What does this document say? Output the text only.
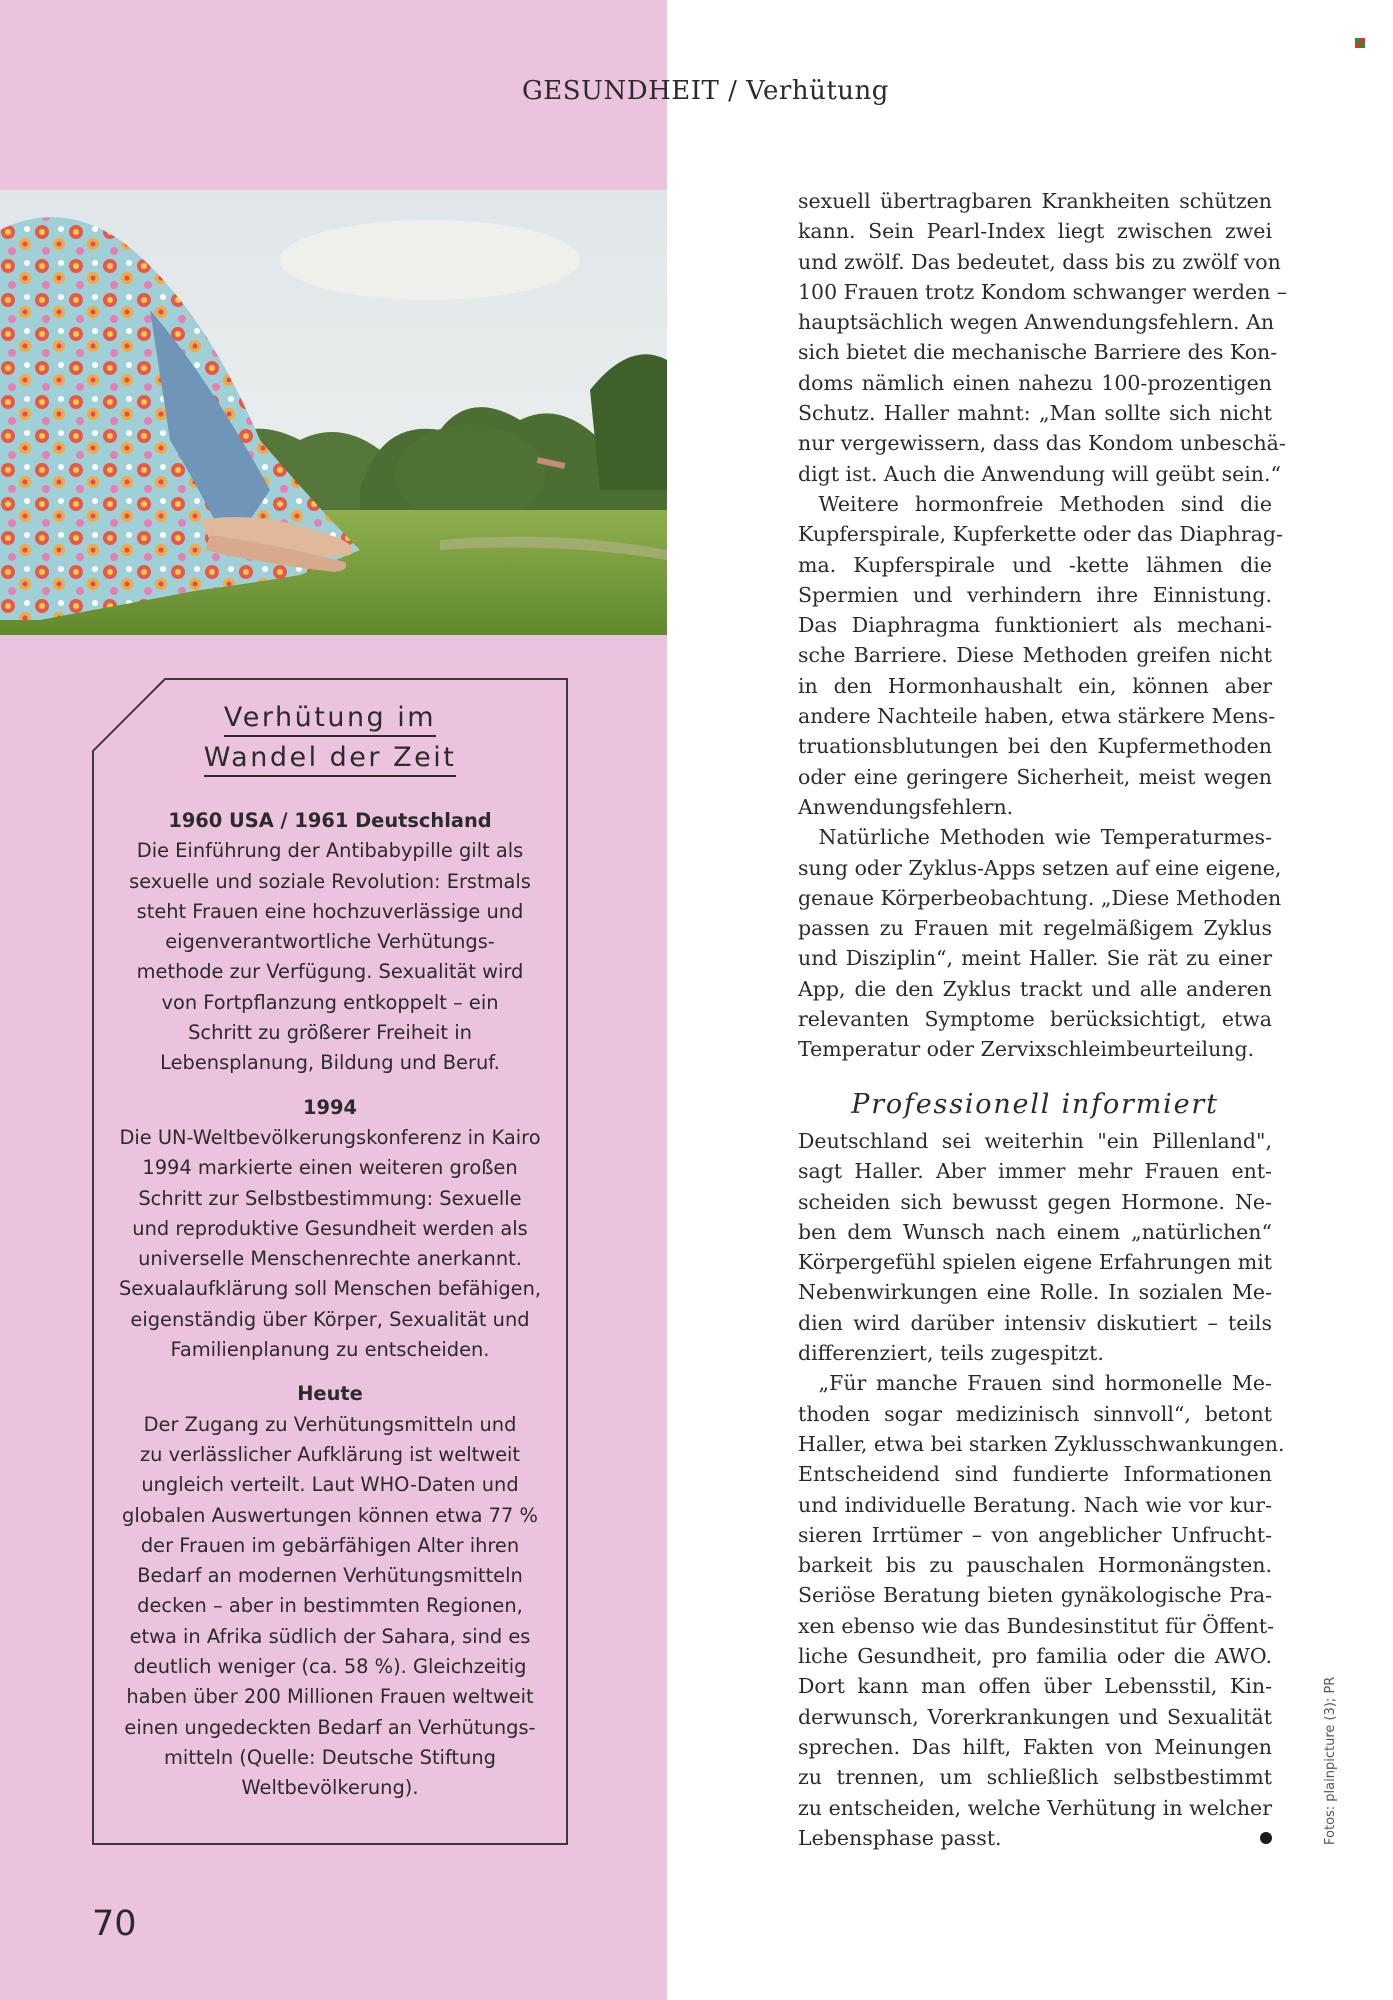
GESUNDHEIT / Verhütung
Verhütung im
Wandel der Zeit
1960 USA / 1961 Deutschland
Die Einführung der Antibabypille gilt als
sexuelle und soziale Revolution: Erstmals
steht Frauen eine hochzuverlässige und
eigenverantwortliche Verhütungs-
methode zur Verfügung. Sexualität wird
von Fortpflanzung entkoppelt – ein
Schritt zu größerer Freiheit in
Lebensplanung, Bildung und Beruf.
1994
Die UN-Weltbevölkerungskonferenz in Kairo
1994 markierte einen weiteren großen
Schritt zur Selbstbestimmung: Sexuelle
und reproduktive Gesundheit werden als
universelle Menschenrechte anerkannt.
Sexualaufklärung soll Menschen befähigen,
eigenständig über Körper, Sexualität und
Familienplanung zu entscheiden.
Heute
Der Zugang zu Verhütungsmitteln und
zu verlässlicher Aufklärung ist weltweit
ungleich verteilt. Laut WHO-Daten und
globalen Auswertungen können etwa 77 %
der Frauen im gebärfähigen Alter ihren
Bedarf an modernen Verhütungsmitteln
decken – aber in bestimmten Regionen,
etwa in Afrika südlich der Sahara, sind es
deutlich weniger (ca. 58 %). Gleichzeitig
haben über 200 Millionen Frauen weltweit
einen ungedeckten Bedarf an Verhütungs-
mitteln (Quelle: Deutsche Stiftung
Weltbevölkerung).
sexuell übertragbaren Krankheiten schützen
kann. Sein Pearl-Index liegt zwischen zwei
und zwölf. Das bedeutet, dass bis zu zwölf von
100 Frauen trotz Kondom schwanger werden –
hauptsächlich wegen Anwendungsfehlern. An
sich bietet die mechanische Barriere des Kon-
doms nämlich einen nahezu 100-prozentigen
Schutz. Haller mahnt: „Man sollte sich nicht
nur vergewissern, dass das Kondom unbeschä-
digt ist. Auch die Anwendung will geübt sein.“
 Weitere hormonfreie Methoden sind die
Kupferspirale, Kupferkette oder das Diaphrag-
ma. Kupferspirale und -kette lähmen die
Spermien und verhindern ihre Einnistung.
Das Diaphragma funktioniert als mechani-
sche Barriere. Diese Methoden greifen nicht
in den Hormonhaushalt ein, können aber
andere Nachteile haben, etwa stärkere Mens-
truationsblutungen bei den Kupfermethoden
oder eine geringere Sicherheit, meist wegen
Anwendungsfehlern.
 Natürliche Methoden wie Temperaturmes-
sung oder Zyklus-Apps setzen auf eine eigene,
genaue Körperbeobachtung. „Diese Methoden
passen zu Frauen mit regelmäßigem Zyklus
und Disziplin“, meint Haller. Sie rät zu einer
App, die den Zyklus trackt und alle anderen
relevanten Symptome berücksichtigt, etwa
Temperatur oder Zervixschleimbeurteilung.
Professionell informiert
Deutschland sei weiterhin "ein Pillenland",
sagt Haller. Aber immer mehr Frauen ent-
scheiden sich bewusst gegen Hormone. Ne-
ben dem Wunsch nach einem „natürlichen“
Körpergefühl spielen eigene Erfahrungen mit
Nebenwirkungen eine Rolle. In sozialen Me-
dien wird darüber intensiv diskutiert – teils
differenziert, teils zugespitzt.
 „Für manche Frauen sind hormonelle Me-
thoden sogar medizinisch sinnvoll“, betont
Haller, etwa bei starken Zyklusschwankungen.
Entscheidend sind fundierte Informationen
und individuelle Beratung. Nach wie vor kur-
sieren Irrtümer – von angeblicher Unfrucht-
barkeit bis zu pauschalen Hormonängsten.
Seriöse Beratung bieten gynäkologische Pra-
xen ebenso wie das Bundesinstitut für Öffent-
liche Gesundheit, pro familia oder die AWO.
Dort kann man offen über Lebensstil, Kin-
derwunsch, Vorerkrankungen und Sexualität
sprechen. Das hilft, Fakten von Meinungen
zu trennen, um schließlich selbstbestimmt
zu entscheiden, welche Verhütung in welcher
Lebensphase passt.	Fotos: plainpicture (3); PR
70
